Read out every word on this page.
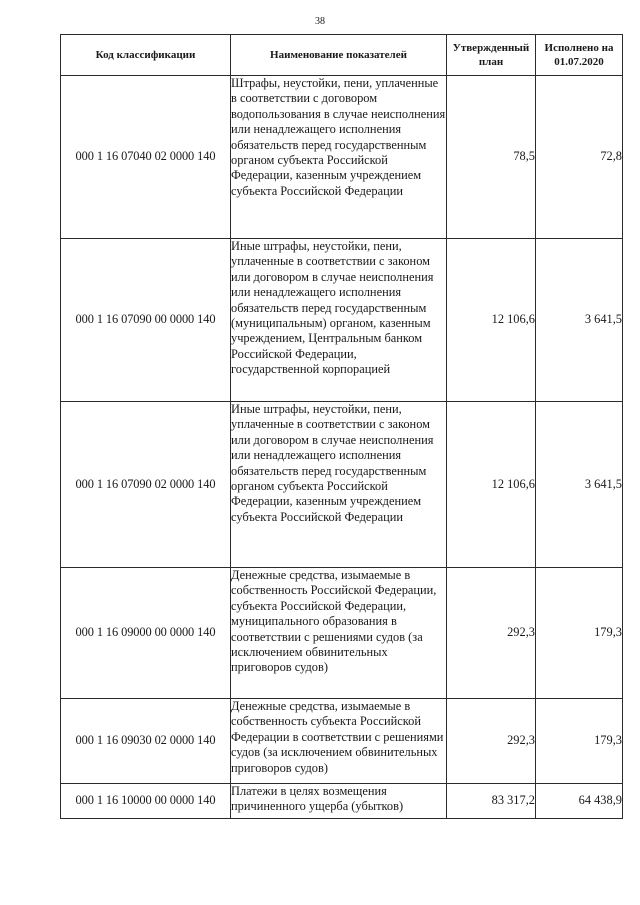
38
Код классификации	Наименование показателей	Утвержденный план	Исполнено на 01.07.2020
000 1 16 07040 02 0000 140	Штрафы, неустойки, пени, уплаченные в соответствии с договором водопользования в случае неисполнения или ненадлежащего исполнения обязательств перед государственным органом субъекта Российской Федерации, казенным учреждением субъекта Российской Федерации	78,5	72,8
000 1 16 07090 00 0000 140	Иные штрафы, неустойки, пени, уплаченные в соответствии с законом или договором в случае неисполнения или ненадлежащего исполнения обязательств перед государственным (муниципальным) органом, казенным учреждением, Центральным банком Российской Федерации, государственной корпорацией	12 106,6	3 641,5
000 1 16 07090 02 0000 140	Иные штрафы, неустойки, пени, уплаченные в соответствии с законом или договором в случае неисполнения или ненадлежащего исполнения обязательств перед государственным органом субъекта Российской Федерации, казенным учреждением субъекта Российской Федерации	12 106,6	3 641,5
000 1 16 09000 00 0000 140	Денежные средства, изымаемые в собственность Российской Федерации, субъекта Российской Федерации, муниципального образования в соответствии с решениями судов (за исключением обвинительных приговоров судов)	292,3	179,3
000 1 16 09030 02 0000 140	Денежные средства, изымаемые в собственность субъекта Российской Федерации в соответствии с решениями судов (за исключением обвинительных приговоров судов)	292,3	179,3
000 1 16 10000 00 0000 140	Платежи в целях возмещения причиненного ущерба (убытков)	83 317,2	64 438,9
